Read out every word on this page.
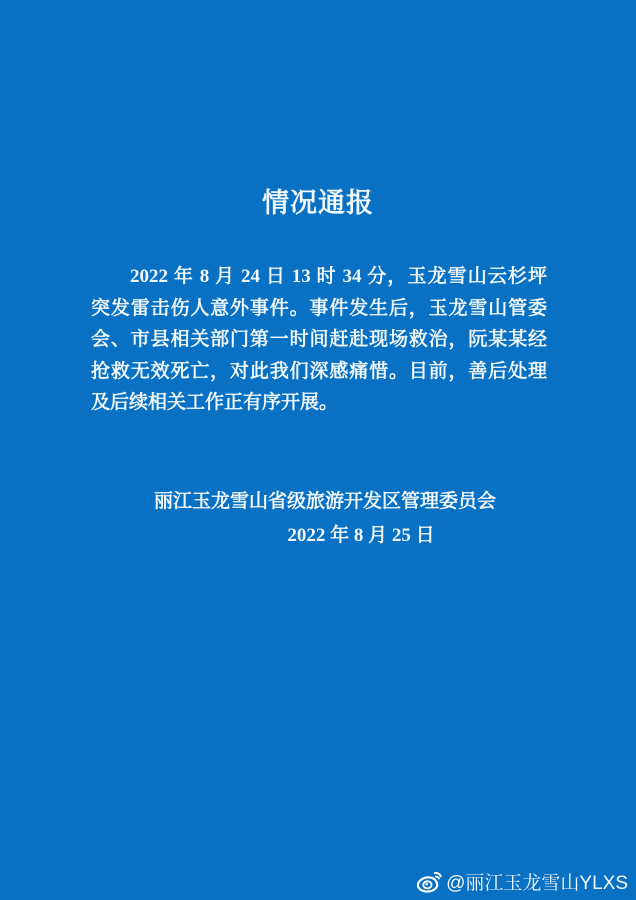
情况通报
2022 年 8 月 24 日 13 时 34 分，玉龙雪山云杉坪
突发雷击伤人意外事件。事件发生后，玉龙雪山管委
会、市县相关部门第一时间赶赴现场救治，阮某某经
抢救无效死亡，对此我们深感痛惜。目前，善后处理
及后续相关工作正有序开展。
丽江玉龙雪山省级旅游开发区管理委员会
2022 年 8 月 25 日
@丽江玉龙雪山YLXS
